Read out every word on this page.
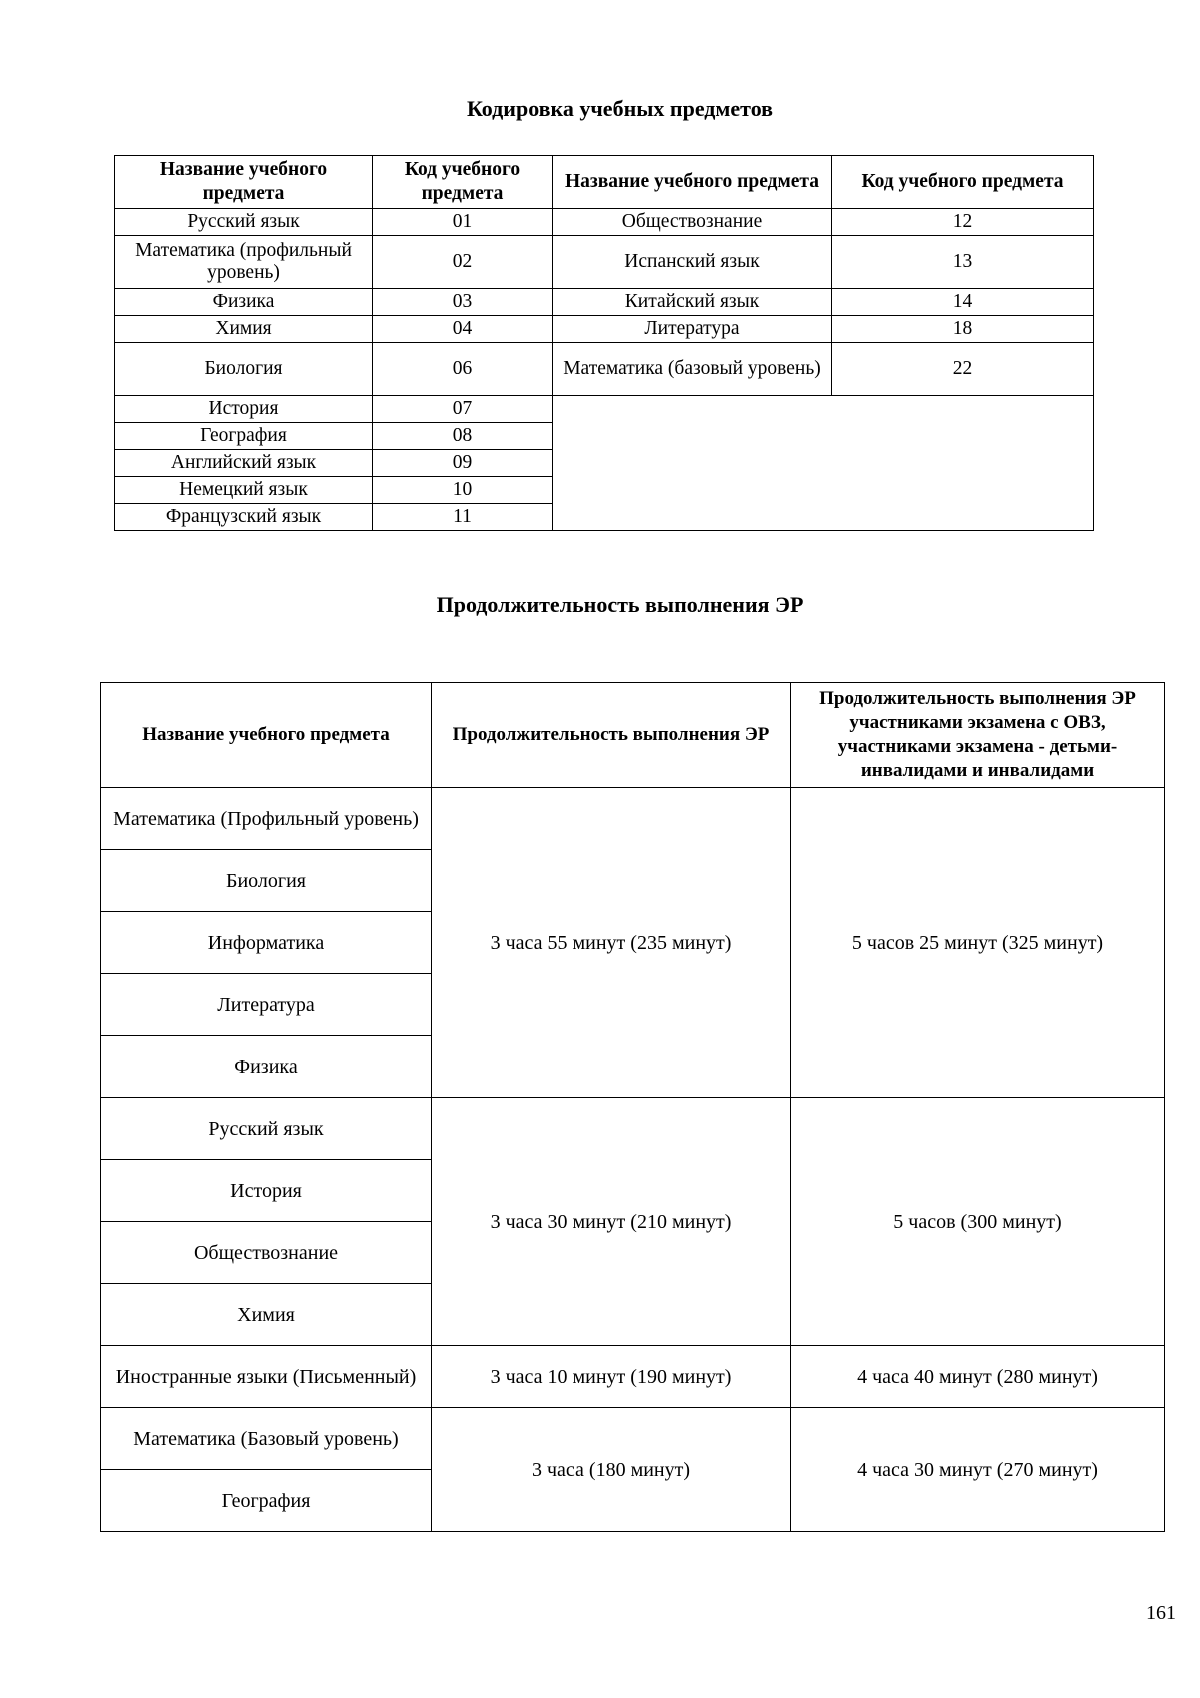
Кодировка учебных предметов
Название учебного предмета	Код учебного предмета	Название учебного предмета	Код учебного предмета
Русский язык	01	Обществознание	12
Математика (профильный уровень)	02	Испанский язык	13
Физика	03	Китайский язык	14
Химия	04	Литература	18
Биология	06	Математика (базовый уровень)	22
История	07		
География	08		
Английский язык	09		
Немецкий язык	10		
Французский язык	11		
Продолжительность выполнения ЭР
Название учебного предмета	Продолжительность выполнения ЭР	Продолжительность выполнения ЭР участниками экзамена с ОВЗ, участниками экзамена - детьми-инвалидами и инвалидами
Математика (Профильный уровень)	3 часа 55 минут (235 минут)	5 часов 25 минут (325 минут)
Биология		
Информатика		
Литература		
Физика		
Русский язык	3 часа 30 минут (210 минут)	5 часов (300 минут)
История		
Обществознание		
Химия		
Иностранные языки (Письменный)	3 часа 10 минут (190 минут)	4 часа 40 минут (280 минут)
Математика (Базовый уровень)	3 часа (180 минут)	4 часа 30 минут (270 минут)
География		
161
